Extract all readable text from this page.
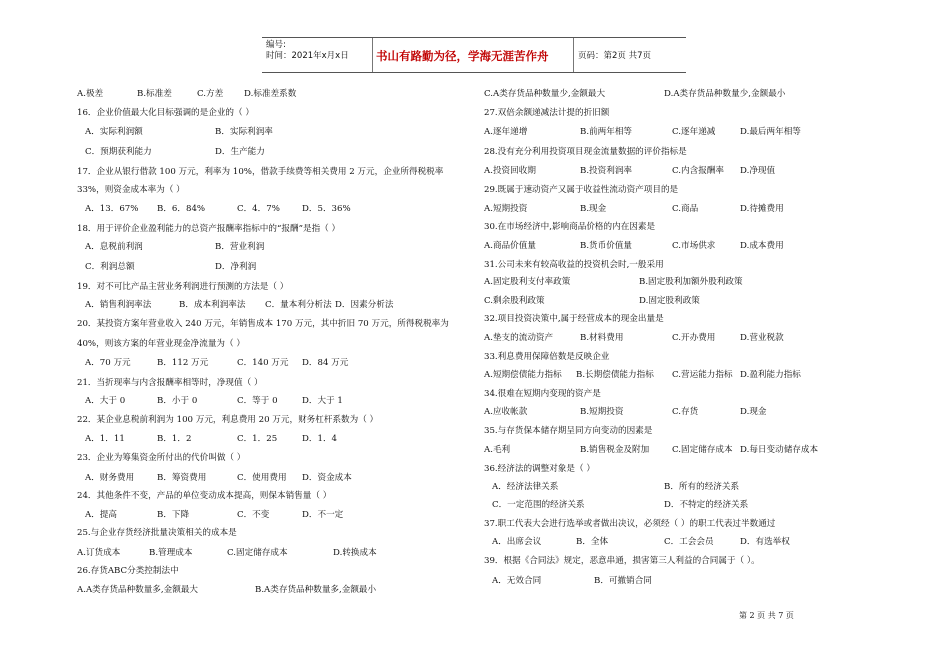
编号:
时间：2021年x月x日 书山有路勤为径，学海无涯苦作舟	页码：第2页 共7页
A.极差	B.标准差	C.方差 D.标准差系数
16．企业价值最大化目标强调的是企业的（ ）
A．实际利润额	B．实际利润率
C．预期获利能力	D．生产能力
17．企业从银行借款 100 万元，利率为 10%，借款手续费等相关费用 2 万元，企业所得税税率
33%，则资金成本率为（ ）
A．13．67% B．6．84%	C．4．7%	D．5．36%
18．用于评价企业盈利能力的总资产报酬率指标中的“报酬”是指（ ）
A．息税前利润	B．营业利润
C．利润总额	D．净利润
19．对不可比产品主营业务利润进行预测的方法是（ ）
A．销售利润率法	B．成本利润率法 C．量本利分析法 D．因素分析法
20．某投资方案年营业收入 240 万元，年销售成本 170 万元，其中折旧 70 万元，所得税税率为
40%，则该方案的年营业现金净流量为（ ）
A．70 万元	B．112 万元	C．140 万元 D．84 万元
21．当折现率与内含报酬率相等时，净现值（ ）
A．大于 0	B．小于 0	C．等于 0	D．大于 1
22．某企业息税前利润为 100 万元，利息费用 20 万元，财务杠杆系数为（ ）
A．1．11	B．1．2	C．1．25	D．1．4
23．企业为筹集资金所付出的代价叫做（ ）
A．财务费用	B．筹资费用	C．使用费用 D．资金成本
24．其他条件不变，产品的单位变动成本提高，则保本销售量（ ）
A．提高	B．下降	C．不变	D．不一定
25.与企业存货经济批量决策相关的成本是
A.订货成本	B.管理成本	C.固定储存成本	D.转换成本
26.存货ABC分类控制法中
A.A类存货品种数量多,金额最大	B.A类存货品种数量多,金额最小
C.A类存货品种数量少,金额最大	D.A类存货品种数量少,金额最小
27.双倍余额递减法计提的折旧额
A.逐年递增	B.前两年相等	C.逐年递减	D.最后两年相等
28.没有充分利用投资项目现金流量数据的评价指标是
A.投资回收期	B.投资利润率	C.内含报酬率 D.净现值
29.既属于速动资产又属于收益性流动资产项目的是
A.短期投资	B.现金	C.商品	D.待摊费用
30.在市场经济中,影响商品价格的内在因素是
A.商品价值量	B.货币价值量	C.市场供求	D.成本费用
31.公司未来有较高收益的投资机会时,一般采用
A.固定股利支付率政策	B.固定股利加额外股利政策
C.剩余股利政策	D.固定股利政策
32.项目投资决策中,属于经营成本的现金出量是
A.垫支的流动资产	B.材料费用	C.开办费用	D.营业税款
33.利息费用保障倍数是反映企业
A.短期偿债能力指标 B.长期偿债能力指标 C.营运能力指标 D.盈利能力指标
34.很难在短期内变现的资产是
A.应收帐款	B.短期投资	C.存货	D.现金
35.与存货保本储存期呈同方向变动的因素是
A.毛利	B.销售税金及附加	C.固定储存成本 D.每日变动储存成本
36.经济法的调整对象是（ ）
A．经济法律关系	B．所有的经济关系
C．一定范围的经济关系	D．不特定的经济关系
37.职工代表大会进行选举或者做出决议，必须经（ ）的职工代表过半数通过
A．出席会议	B．全体	C．工会会员	D．有选举权
39．根据《合同法》规定，恶意串通，损害第三人利益的合同属于（ ）。
A．无效合同	B．可撤销合同
第 2 页 共 7 页
